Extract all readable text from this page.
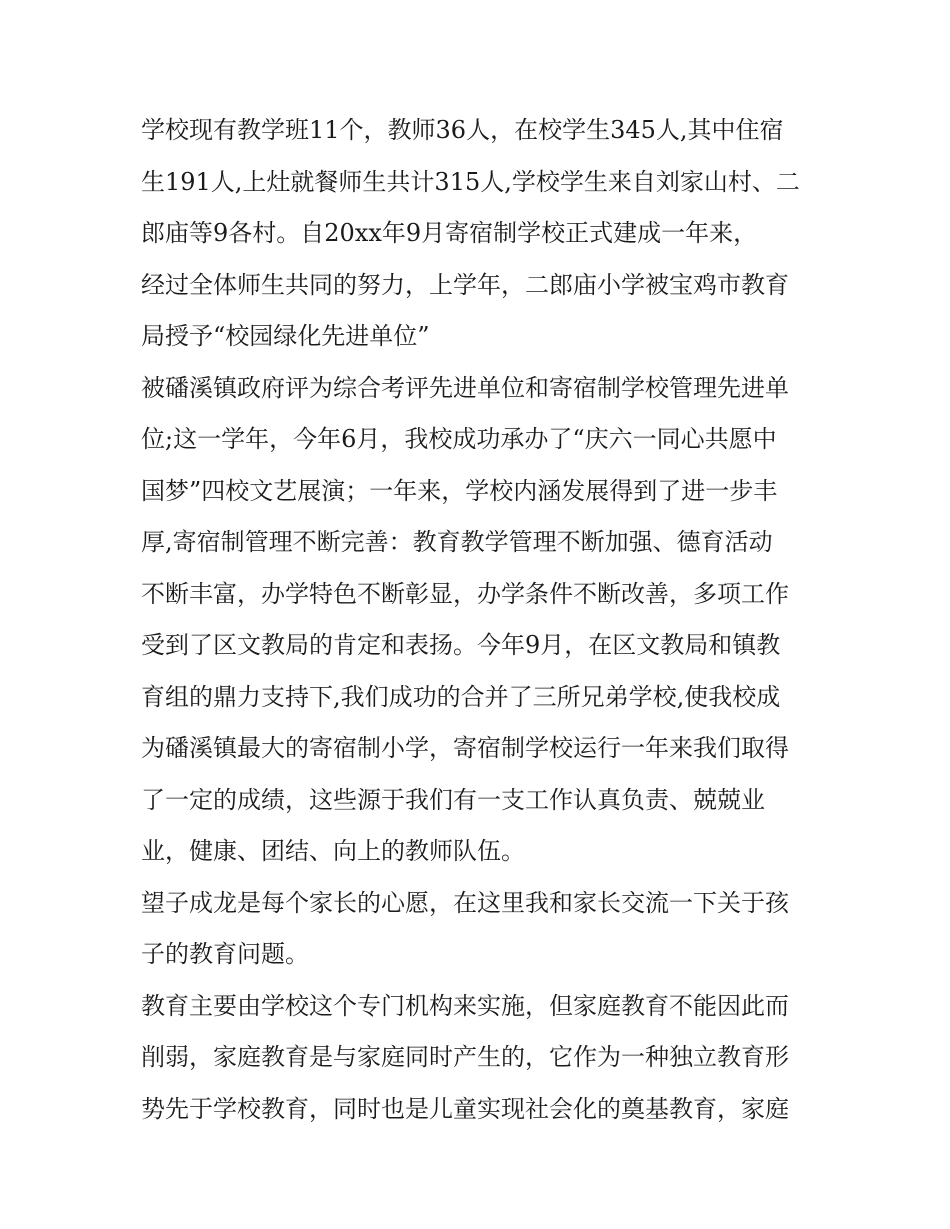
学校现有教学班11个，教师36人，在校学生345人,其中住宿
生191人,上灶就餐师生共计315人,学校学生来自刘家山村、二
郎庙等9各村。自20xx年9月寄宿制学校正式建成一年来，
经过全体师生共同的努力，上学年，二郎庙小学被宝鸡市教育
局授予“校园绿化先进单位”
被磻溪镇政府评为综合考评先进单位和寄宿制学校管理先进单
位;这一学年，今年6月，我校成功承办了“庆六一同心共愿中
国梦”四校文艺展演；一年来，学校内涵发展得到了进一步丰
厚,寄宿制管理不断完善：教育教学管理不断加强、德育活动
不断丰富，办学特色不断彰显，办学条件不断改善，多项工作
受到了区文教局的肯定和表扬。今年9月，在区文教局和镇教
育组的鼎力支持下,我们成功的合并了三所兄弟学校,使我校成
为磻溪镇最大的寄宿制小学，寄宿制学校运行一年来我们取得
了一定的成绩，这些源于我们有一支工作认真负责、兢兢业
业，健康、团结、向上的教师队伍。
望子成龙是每个家长的心愿，在这里我和家长交流一下关于孩
子的教育问题。
教育主要由学校这个专门机构来实施，但家庭教育不能因此而
削弱，家庭教育是与家庭同时产生的，它作为一种独立教育形
势先于学校教育，同时也是儿童实现社会化的奠基教育，家庭
